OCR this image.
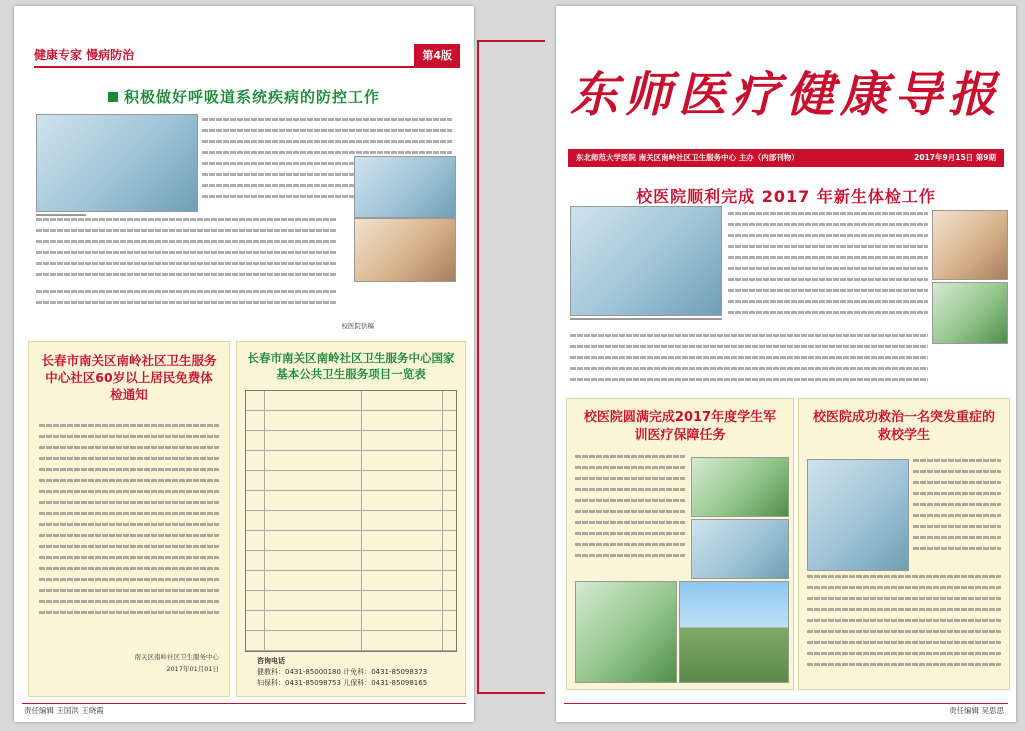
健康专家 慢病防治	第4版
积极做好呼吸道系统疾病的防控工作
校医院供稿
长春市南关区南岭社区卫生服务中心社区60岁以上居民免费体检通知
南关区南岭社区卫生服务中心
2017年01月01日
长春市南关区南岭社区卫生服务中心国家基本公共卫生服务项目一览表
咨询电话
健教科：0431-85000180 计免科：0431-85098373
妇保科：0431-85098753 儿保科：0431-85098165
责任编辑 王国洪 王晓霞
东师医疗健康导报
东北师范大学医院 南关区南岭社区卫生服务中心 主办（内部刊物）	2017年9月15日 第9期
校医院顺利完成 2017 年新生体检工作
校医院圆满完成2017年度学生军训医疗保障任务
校医院成功救治一名突发重症的救校学生
责任编辑 吴思思
